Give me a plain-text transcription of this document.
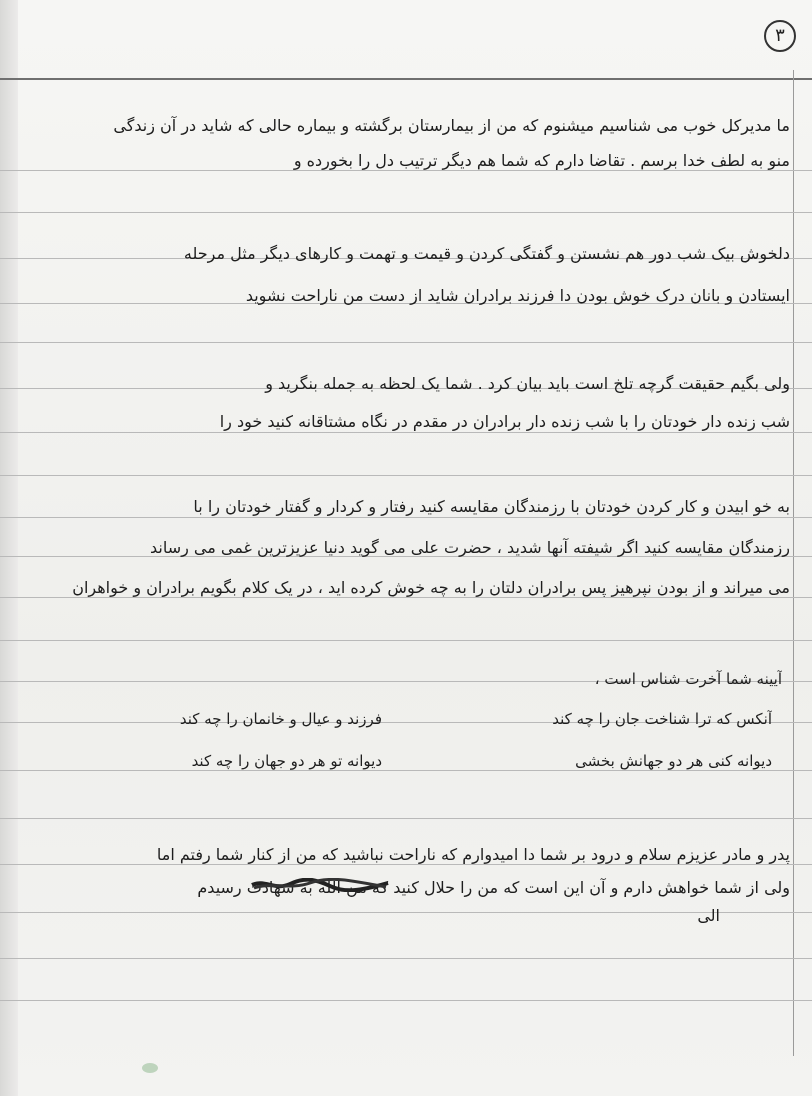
۳
ما مدیرکل خوب می شناسیم میشنوم که من از بیمارستان برگشته و بیماره حالی که شاید در آن زندگی
منو به لطف خدا برسم . تقاضا دارم که شما هم دیگر ترتیب دل را بخورده و
دلخوش بیک شب دور هم نشستن و گفتگی کردن و قیمت و تهمت و کارهای دیگر مثل مرحله
ایستادن و بانان درک خوش بودن دا فرزند برادران شاید از دست من ناراحت نشوید
ولی بگیم حقیقت گرچه تلخ است باید بیان کرد . شما یک لحظه به جمله بنگرید و
شب زنده دار خودتان را با شب زنده دار برادران در مقدم در نگاه مشتاقانه کنید خود را
به خو ابیدن و کار کردن خودتان با رزمندگان مقایسه کنید رفتار و کردار و گفتار خودتان را با
رزمندگان مقایسه کنید اگر شیفته آنها شدید ، حضرت علی می گوید دنیا عزیزترین غمی می رساند
می میراند و از بودن نپرهیز پس برادران دلتان را به چه خوش کرده اید ، در یک کلام بگویم برادران و خواهران
آیینه شما آخرت شناس است ،
آنکس که ترا شناخت جان را چه کند
فرزند و عیال و خانمان را چه کند
دیوانه کنی هر دو جهانش بخشی
دیوانه تو هر دو جهان را چه کند
پدر و مادر عزیزم سلام و درود بر شما دا امیدوارم که ناراحت نباشید که من از کنار شما رفتم اما
ولی از شما خواهش دارم و آن این است که من را حلال کنید که من الله به شهادت رسیدم
الی
